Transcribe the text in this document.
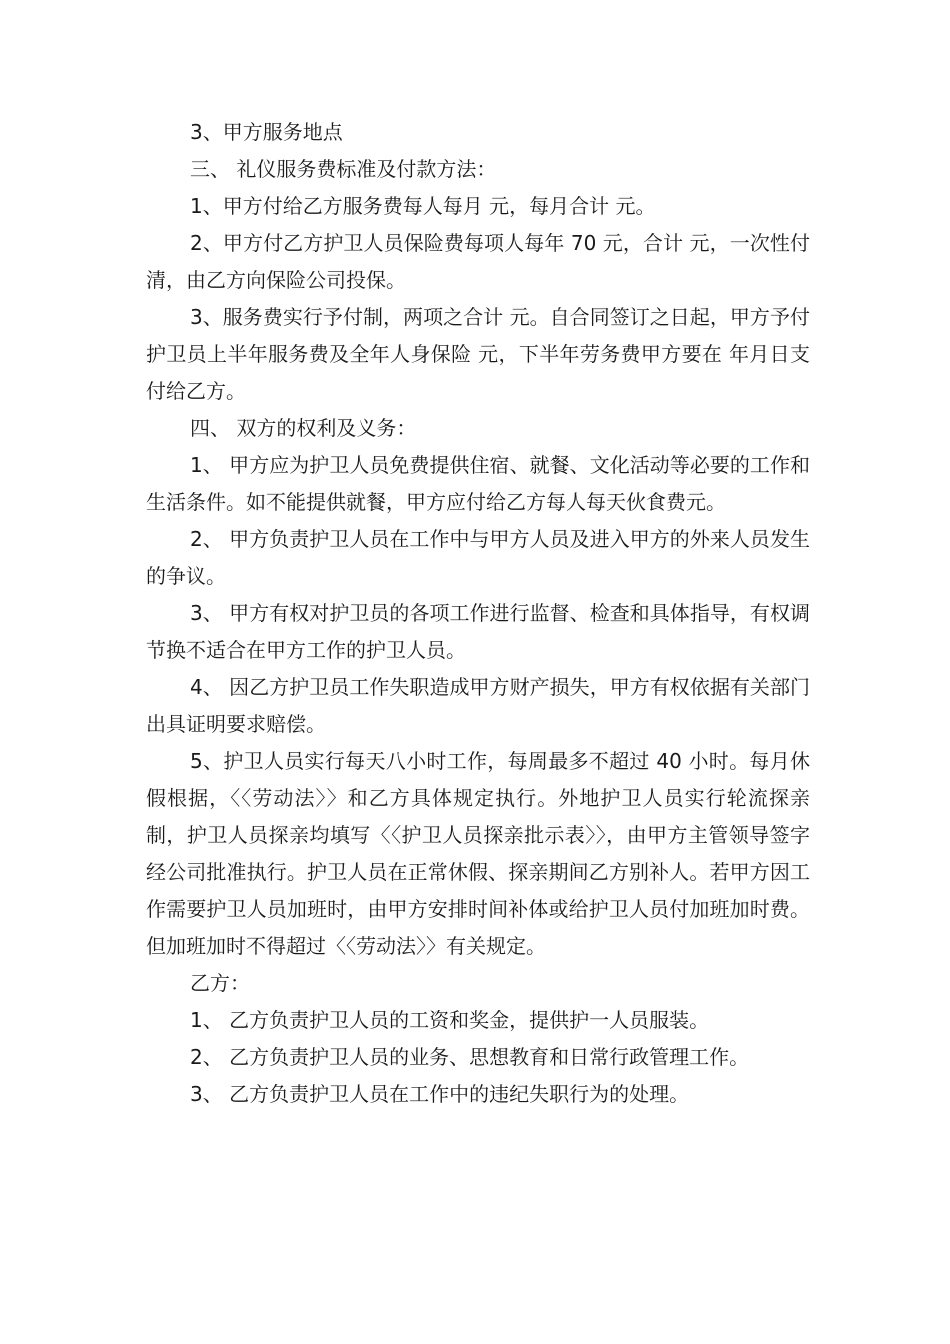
3、甲方服务地点

三、 礼仪服务费标准及付款方法：

1、甲方付给乙方服务费每人每月 元，每月合计 元。

2、甲方付乙方护卫人员保险费每项人每年 70 元，合计 元，一次性付清，由乙方向保险公司投保。

3、服务费实行予付制，两项之合计 元。自合同签订之日起，甲方予付护卫员上半年服务费及全年人身保险 元，下半年劳务费甲方要在 年月日支付给乙方。

四、 双方的权利及义务：

1、 甲方应为护卫人员免费提供住宿、就餐、文化活动等必要的工作和生活条件。如不能提供就餐，甲方应付给乙方每人每天伙食费元。

2、 甲方负责护卫人员在工作中与甲方人员及进入甲方的外来人员发生的争议。

3、 甲方有权对护卫员的各项工作进行监督、检查和具体指导，有权调节换不适合在甲方工作的护卫人员。

4、 因乙方护卫员工作失职造成甲方财产损失，甲方有权依据有关部门出具证明要求赔偿。

5、护卫人员实行每天八小时工作，每周最多不超过 40 小时。每月休假根据，〈〈劳动法〉〉和乙方具体规定执行。外地护卫人员实行轮流探亲制，护卫人员探亲均填写〈〈护卫人员探亲批示表〉〉，由甲方主管领导签字经公司批准执行。护卫人员在正常休假、探亲期间乙方别补人。若甲方因工作需要护卫人员加班时，由甲方安排时间补体或给护卫人员付加班加时费。但加班加时不得超过〈〈劳动法〉〉有关规定。

乙方：

1、 乙方负责护卫人员的工资和奖金，提供护一人员服装。

2、 乙方负责护卫人员的业务、思想教育和日常行政管理工作。

3、 乙方负责护卫人员在工作中的违纪失职行为的处理。
